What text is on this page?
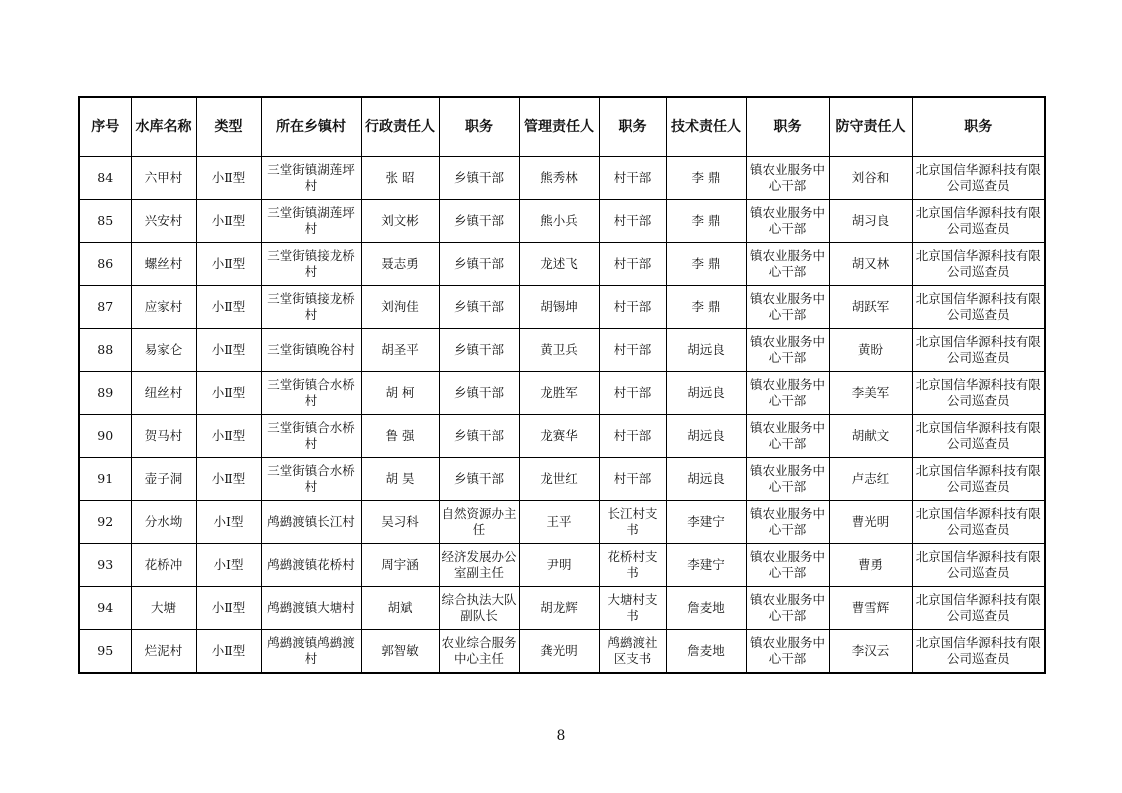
序号	水库名称	类型	所在乡镇村	行政责任人	职务	管理责任人	职务	技术责任人	职务	防守责任人	职务
84	六甲村	小Ⅱ型	三堂街镇湖莲坪村	张 昭	乡镇干部	熊秀林	村干部	李 鼎	镇农业服务中心干部	刘谷和	北京国信华源科技有限公司巡查员
85	兴安村	小Ⅱ型	三堂街镇湖莲坪村	刘文彬	乡镇干部	熊小兵	村干部	李 鼎	镇农业服务中心干部	胡习良	北京国信华源科技有限公司巡查员
86	螺丝村	小Ⅱ型	三堂街镇接龙桥村	聂志勇	乡镇干部	龙述飞	村干部	李 鼎	镇农业服务中心干部	胡又林	北京国信华源科技有限公司巡查员
87	应家村	小Ⅱ型	三堂街镇接龙桥村	刘洵佳	乡镇干部	胡锡坤	村干部	李 鼎	镇农业服务中心干部	胡跃军	北京国信华源科技有限公司巡查员
88	易家仑	小Ⅱ型	三堂街镇晚谷村	胡圣平	乡镇干部	黄卫兵	村干部	胡远良	镇农业服务中心干部	黄盼	北京国信华源科技有限公司巡查员
89	纽丝村	小Ⅱ型	三堂街镇合水桥村	胡 柯	乡镇干部	龙胜军	村干部	胡远良	镇农业服务中心干部	李美军	北京国信华源科技有限公司巡查员
90	贺马村	小Ⅱ型	三堂街镇合水桥村	鲁 强	乡镇干部	龙赛华	村干部	胡远良	镇农业服务中心干部	胡献文	北京国信华源科技有限公司巡查员
91	壶子洞	小Ⅱ型	三堂街镇合水桥村	胡 昊	乡镇干部	龙世红	村干部	胡远良	镇农业服务中心干部	卢志红	北京国信华源科技有限公司巡查员
92	分水坳	小Ⅰ型	鸬鹚渡镇长江村	吴习科	自然资源办主任	王平	长江村支书	李建宁	镇农业服务中心干部	曹光明	北京国信华源科技有限公司巡查员
93	花桥冲	小Ⅰ型	鸬鹚渡镇花桥村	周宇涵	经济发展办公室副主任	尹明	花桥村支书	李建宁	镇农业服务中心干部	曹勇	北京国信华源科技有限公司巡查员
94	大塘	小Ⅱ型	鸬鹚渡镇大塘村	胡斌	综合执法大队副队长	胡龙辉	大塘村支书	詹麦地	镇农业服务中心干部	曹雪辉	北京国信华源科技有限公司巡查员
95	烂泥村	小Ⅱ型	鸬鹚渡镇鸬鹚渡村	郭智敏	农业综合服务中心主任	龚光明	鸬鹚渡社区支书	詹麦地	镇农业服务中心干部	李汉云	北京国信华源科技有限公司巡查员
8
